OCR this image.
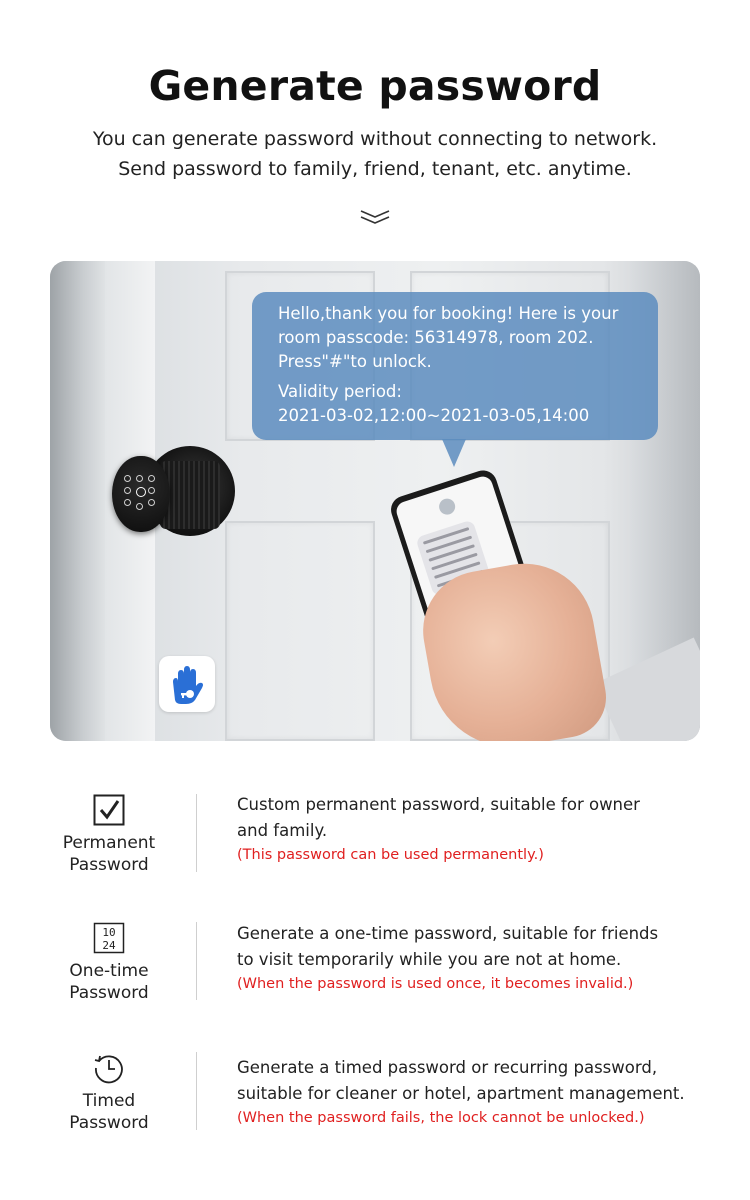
Generate password
You can generate password without connecting to network.
Send password to family, friend, tenant, etc. anytime.
Hello,thank you for booking! Here is your
room passcode: 56314978, room 202.
Press"#"to unlock.
Validity period:
2021-03-02,12:00~2021-03-05,14:00
Permanent
Password
Custom permanent password, suitable for owner
and family.
(This password can be used permanently.)
10
24
One-time
Password
Generate a one-time password, suitable for friends
to visit temporarily while you are not at home.
(When the password is used once, it becomes invalid.)
Timed
Password
Generate a timed password or recurring password,
suitable for cleaner or hotel, apartment management.
(When the password fails, the lock cannot be unlocked.)
